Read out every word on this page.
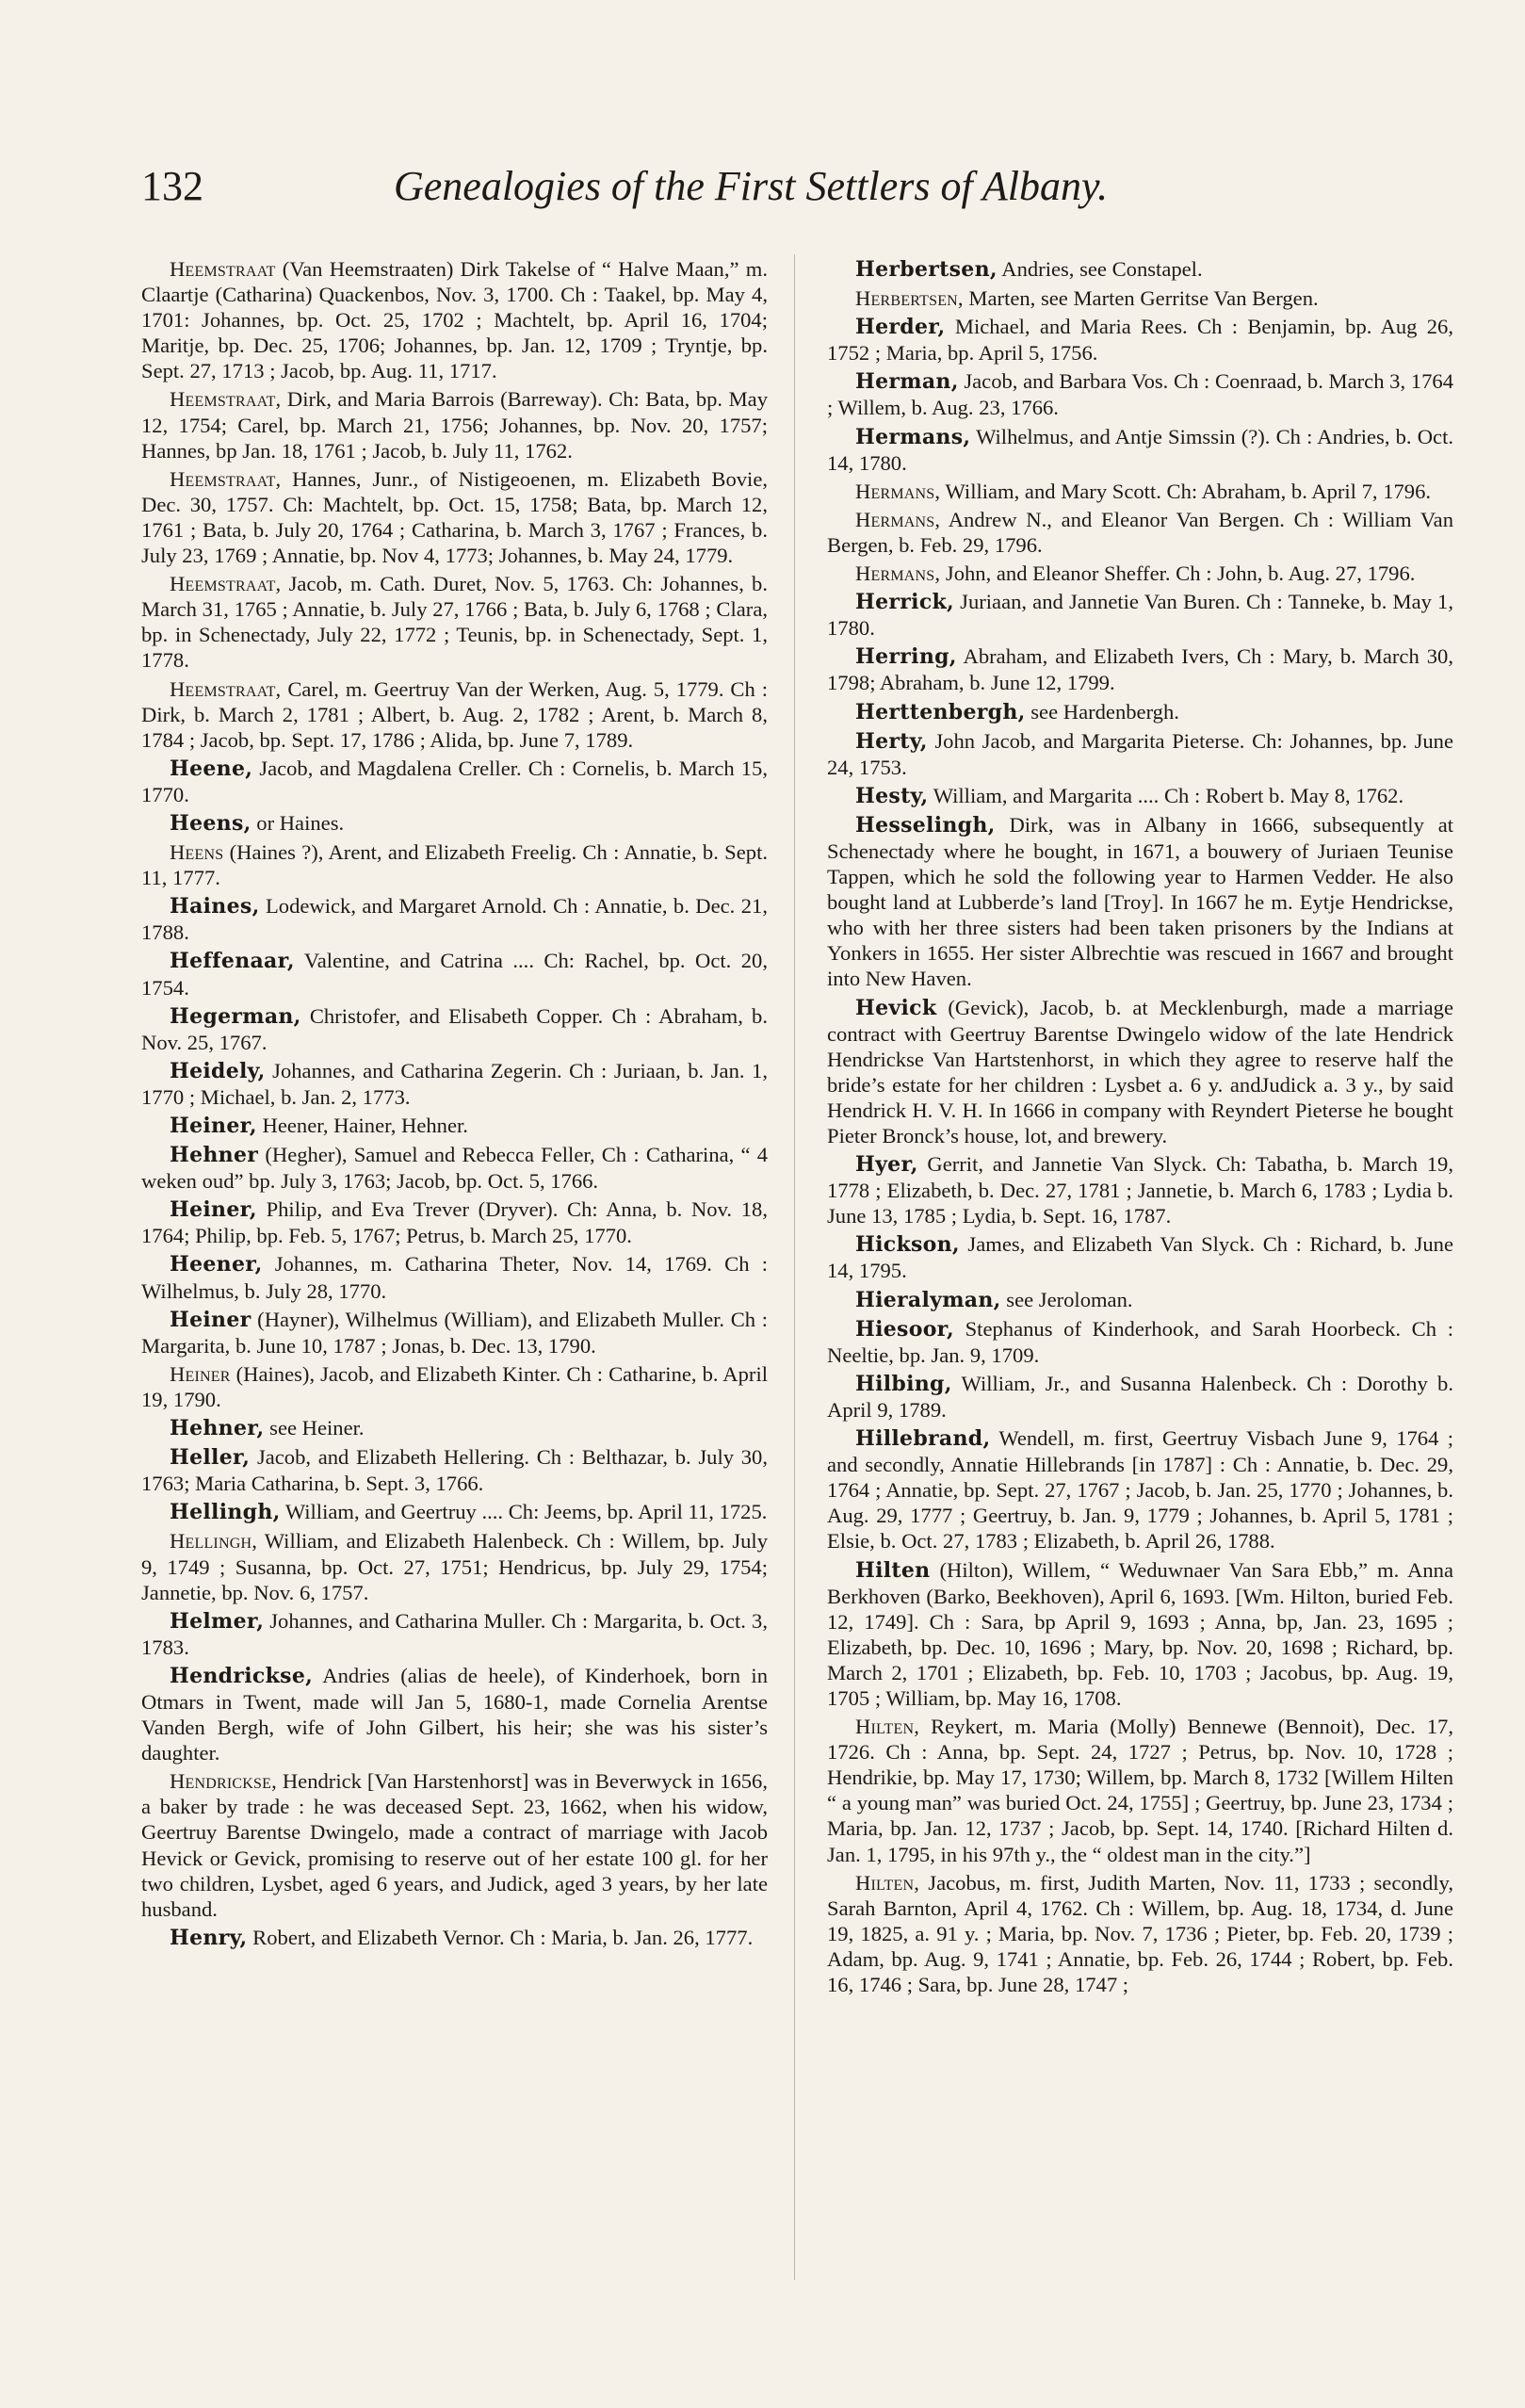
132	Genealogies of the First Settlers of Albany.

Heemstraat (Van Heemstraaten) Dirk Takelse of “ Halve Maan,” m. Claartje (Catharina) Quackenbos, Nov. 3, 1700. Ch : Taakel, bp. May 4, 1701: Johannes, bp. Oct. 25, 1702 ; Machtelt, bp. April 16, 1704; Maritje, bp. Dec. 25, 1706; Johannes, bp. Jan. 12, 1709 ; Tryntje, bp. Sept. 27, 1713 ; Jacob, bp. Aug. 11, 1717.

Heemstraat, Dirk, and Maria Barrois (Barreway). Ch: Bata, bp. May 12, 1754; Carel, bp. March 21, 1756; Johannes, bp. Nov. 20, 1757; Hannes, bp Jan. 18, 1761 ; Jacob, b. July 11, 1762.

Heemstraat, Hannes, Junr., of Nistigeoenen, m. Elizabeth Bovie, Dec. 30, 1757. Ch: Machtelt, bp. Oct. 15, 1758; Bata, bp. March 12, 1761 ; Bata, b. July 20, 1764 ; Catharina, b. March 3, 1767 ; Frances, b. July 23, 1769 ; Annatie, bp. Nov 4, 1773; Johannes, b. May 24, 1779.

Heemstraat, Jacob, m. Cath. Duret, Nov. 5, 1763. Ch: Johannes, b. March 31, 1765 ; Annatie, b. July 27, 1766 ; Bata, b. July 6, 1768 ; Clara, bp. in Schenectady, July 22, 1772 ; Teunis, bp. in Schenectady, Sept. 1, 1778.

Heemstraat, Carel, m. Geertruy Van der Werken, Aug. 5, 1779. Ch : Dirk, b. March 2, 1781 ; Albert, b. Aug. 2, 1782 ; Arent, b. March 8, 1784 ; Jacob, bp. Sept. 17, 1786 ; Alida, bp. June 7, 1789.

Heene, Jacob, and Magdalena Creller. Ch : Cornelis, b. March 15, 1770.

Heens, or Haines.

Heens (Haines ?), Arent, and Elizabeth Freelig. Ch : Annatie, b. Sept. 11, 1777.

Haines, Lodewick, and Margaret Arnold. Ch : Annatie, b. Dec. 21, 1788.

Heffenaar, Valentine, and Catrina .... Ch: Rachel, bp. Oct. 20, 1754.

Hegerman, Christofer, and Elisabeth Copper. Ch : Abraham, b. Nov. 25, 1767.

Heidely, Johannes, and Catharina Zegerin. Ch : Juriaan, b. Jan. 1, 1770 ; Michael, b. Jan. 2, 1773.

Heiner, Heener, Hainer, Hehner.

Hehner (Hegher), Samuel and Rebecca Feller, Ch : Catharina, “ 4 weken oud” bp. July 3, 1763; Jacob, bp. Oct. 5, 1766.

Heiner, Philip, and Eva Trever (Dryver). Ch: Anna, b. Nov. 18, 1764; Philip, bp. Feb. 5, 1767; Petrus, b. March 25, 1770.

Heener, Johannes, m. Catharina Theter, Nov. 14, 1769. Ch : Wilhelmus, b. July 28, 1770.

Heiner (Hayner), Wilhelmus (William), and Elizabeth Muller. Ch : Margarita, b. June 10, 1787 ; Jonas, b. Dec. 13, 1790.

Heiner (Haines), Jacob, and Elizabeth Kinter. Ch : Catharine, b. April 19, 1790.

Hehner, see Heiner.

Heller, Jacob, and Elizabeth Hellering. Ch : Belthazar, b. July 30, 1763; Maria Catharina, b. Sept. 3, 1766.

Hellingh, William, and Geertruy .... Ch: Jeems, bp. April 11, 1725.

Hellingh, William, and Elizabeth Halenbeck. Ch : Willem, bp. July 9, 1749 ; Susanna, bp. Oct. 27, 1751; Hendricus, bp. July 29, 1754; Jannetie, bp. Nov. 6, 1757.

Helmer, Johannes, and Catharina Muller. Ch : Margarita, b. Oct. 3, 1783.

Hendrickse, Andries (alias de heele), of Kinderhoek, born in Otmars in Twent, made will Jan 5, 1680-1, made Cornelia Arentse Vanden Bergh, wife of John Gilbert, his heir; she was his sister’s daughter.

Hendrickse, Hendrick [Van Harstenhorst] was in Beverwyck in 1656, a baker by trade : he was deceased Sept. 23, 1662, when his widow, Geertruy Barentse Dwingelo, made a contract of marriage with Jacob Hevick or Gevick, promising to reserve out of her estate 100 gl. for her two children, Lysbet, aged 6 years, and Judick, aged 3 years, by her late husband.

Henry, Robert, and Elizabeth Vernor. Ch : Maria, b. Jan. 26, 1777.

Herbertsen, Andries, see Constapel.

Herbertsen, Marten, see Marten Gerritse Van Bergen.

Herder, Michael, and Maria Rees. Ch : Benjamin, bp. Aug 26, 1752 ; Maria, bp. April 5, 1756.

Herman, Jacob, and Barbara Vos. Ch : Coenraad, b. March 3, 1764 ; Willem, b. Aug. 23, 1766.

Hermans, Wilhelmus, and Antje Simssin (?). Ch : Andries, b. Oct. 14, 1780.

Hermans, William, and Mary Scott. Ch: Abraham, b. April 7, 1796.

Hermans, Andrew N., and Eleanor Van Bergen. Ch : William Van Bergen, b. Feb. 29, 1796.

Hermans, John, and Eleanor Sheffer. Ch : John, b. Aug. 27, 1796.

Herrick, Juriaan, and Jannetie Van Buren. Ch : Tanneke, b. May 1, 1780.

Herring, Abraham, and Elizabeth Ivers, Ch : Mary, b. March 30, 1798; Abraham, b. June 12, 1799.

Herttenbergh, see Hardenbergh.

Herty, John Jacob, and Margarita Pieterse. Ch: Johannes, bp. June 24, 1753.

Hesty, William, and Margarita .... Ch : Robert b. May 8, 1762.

Hesselingh, Dirk, was in Albany in 1666, subsequently at Schenectady where he bought, in 1671, a bouwery of Juriaen Teunise Tappen, which he sold the following year to Harmen Vedder. He also bought land at Lubberde’s land [Troy]. In 1667 he m. Eytje Hendrickse, who with her three sisters had been taken prisoners by the Indians at Yonkers in 1655. Her sister Albrechtie was rescued in 1667 and brought into New Haven.

Hevick (Gevick), Jacob, b. at Mecklenburgh, made a marriage contract with Geertruy Barentse Dwingelo widow of the late Hendrick Hendrickse Van Hartstenhorst, in which they agree to reserve half the bride’s estate for her children : Lysbet a. 6 y. andJudick a. 3 y., by said Hendrick H. V. H. In 1666 in company with Reyndert Pieterse he bought Pieter Bronck’s house, lot, and brewery.

Hyer, Gerrit, and Jannetie Van Slyck. Ch: Tabatha, b. March 19, 1778 ; Elizabeth, b. Dec. 27, 1781 ; Jannetie, b. March 6, 1783 ; Lydia b. June 13, 1785 ; Lydia, b. Sept. 16, 1787.

Hickson, James, and Elizabeth Van Slyck. Ch : Richard, b. June 14, 1795.

Hieralyman, see Jeroloman.

Hiesoor, Stephanus of Kinderhook, and Sarah Hoorbeck. Ch : Neeltie, bp. Jan. 9, 1709.

Hilbing, William, Jr., and Susanna Halenbeck. Ch : Dorothy b. April 9, 1789.

Hillebrand, Wendell, m. first, Geertruy Visbach June 9, 1764 ; and secondly, Annatie Hillebrands [in 1787] : Ch : Annatie, b. Dec. 29, 1764 ; Annatie, bp. Sept. 27, 1767 ; Jacob, b. Jan. 25, 1770 ; Johannes, b. Aug. 29, 1777 ; Geertruy, b. Jan. 9, 1779 ; Johannes, b. April 5, 1781 ; Elsie, b. Oct. 27, 1783 ; Elizabeth, b. April 26, 1788.

Hilten (Hilton), Willem, “ Weduwnaer Van Sara Ebb,” m. Anna Berkhoven (Barko, Beekhoven), April 6, 1693. [Wm. Hilton, buried Feb. 12, 1749]. Ch : Sara, bp April 9, 1693 ; Anna, bp, Jan. 23, 1695 ; Elizabeth, bp. Dec. 10, 1696 ; Mary, bp. Nov. 20, 1698 ; Richard, bp. March 2, 1701 ; Elizabeth, bp. Feb. 10, 1703 ; Jacobus, bp. Aug. 19, 1705 ; William, bp. May 16, 1708.

Hilten, Reykert, m. Maria (Molly) Bennewe (Bennoit), Dec. 17, 1726. Ch : Anna, bp. Sept. 24, 1727 ; Petrus, bp. Nov. 10, 1728 ; Hendrikie, bp. May 17, 1730; Willem, bp. March 8, 1732 [Willem Hilten “ a young man” was buried Oct. 24, 1755] ; Geertruy, bp. June 23, 1734 ; Maria, bp. Jan. 12, 1737 ; Jacob, bp. Sept. 14, 1740. [Richard Hilten d. Jan. 1, 1795, in his 97th y., the “ oldest man in the city.”]

Hilten, Jacobus, m. first, Judith Marten, Nov. 11, 1733 ; secondly, Sarah Barnton, April 4, 1762. Ch : Willem, bp. Aug. 18, 1734, d. June 19, 1825, a. 91 y. ; Maria, bp. Nov. 7, 1736 ; Pieter, bp. Feb. 20, 1739 ; Adam, bp. Aug. 9, 1741 ; Annatie, bp. Feb. 26, 1744 ; Robert, bp. Feb. 16, 1746 ; Sara, bp. June 28, 1747 ;
